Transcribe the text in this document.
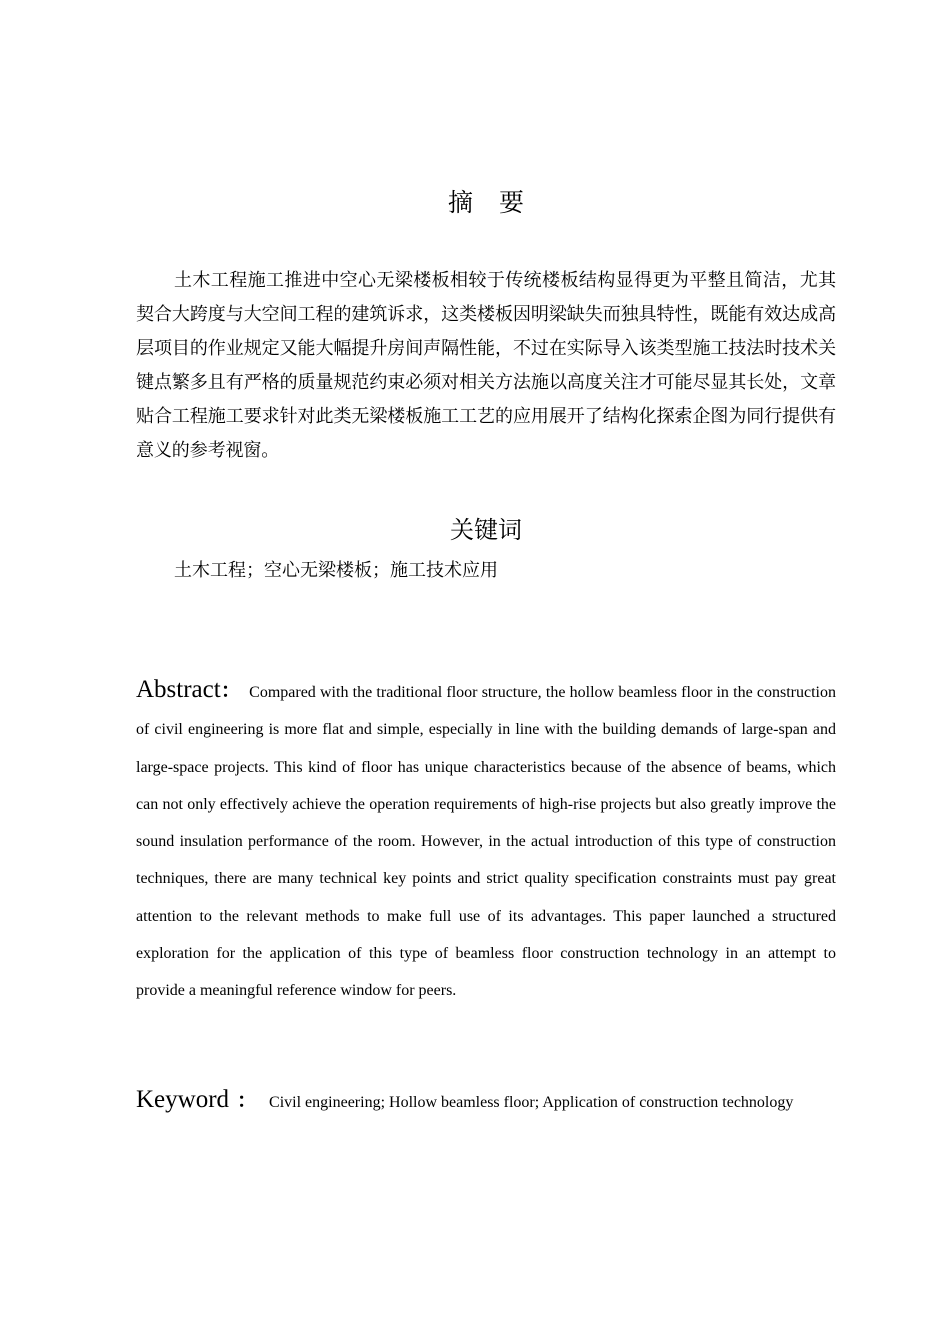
摘 要

土木工程施工推进中空心无梁楼板相较于传统楼板结构显得更为平整且简洁，尤其契合大跨度与大空间工程的建筑诉求，这类楼板因明梁缺失而独具特性，既能有效达成高层项目的作业规定又能大幅提升房间声隔性能，不过在实际导入该类型施工技法时技术关键点繁多且有严格的质量规范约束必须对相关方法施以高度关注才可能尽显其长处，文章贴合工程施工要求针对此类无梁楼板施工工艺的应用展开了结构化探索企图为同行提供有意义的参考视窗。

关键词

土木工程；空心无梁楼板；施工技术应用

Abstract： Compared with the traditional floor structure, the hollow beamless floor in the construction of civil engineering is more flat and simple, especially in line with the building demands of large-span and large-space projects. This kind of floor has unique characteristics because of the absence of beams, which can not only effectively achieve the operation requirements of high-rise projects but also greatly improve the sound insulation performance of the room. However, in the actual introduction of this type of construction techniques, there are many technical key points and strict quality specification constraints must pay great attention to the relevant methods to make full use of its advantages. This paper launched a structured exploration for the application of this type of beamless floor construction technology in an attempt to provide a meaningful reference window for peers.

Keyword ： Civil engineering; Hollow beamless floor; Application of construction technology
